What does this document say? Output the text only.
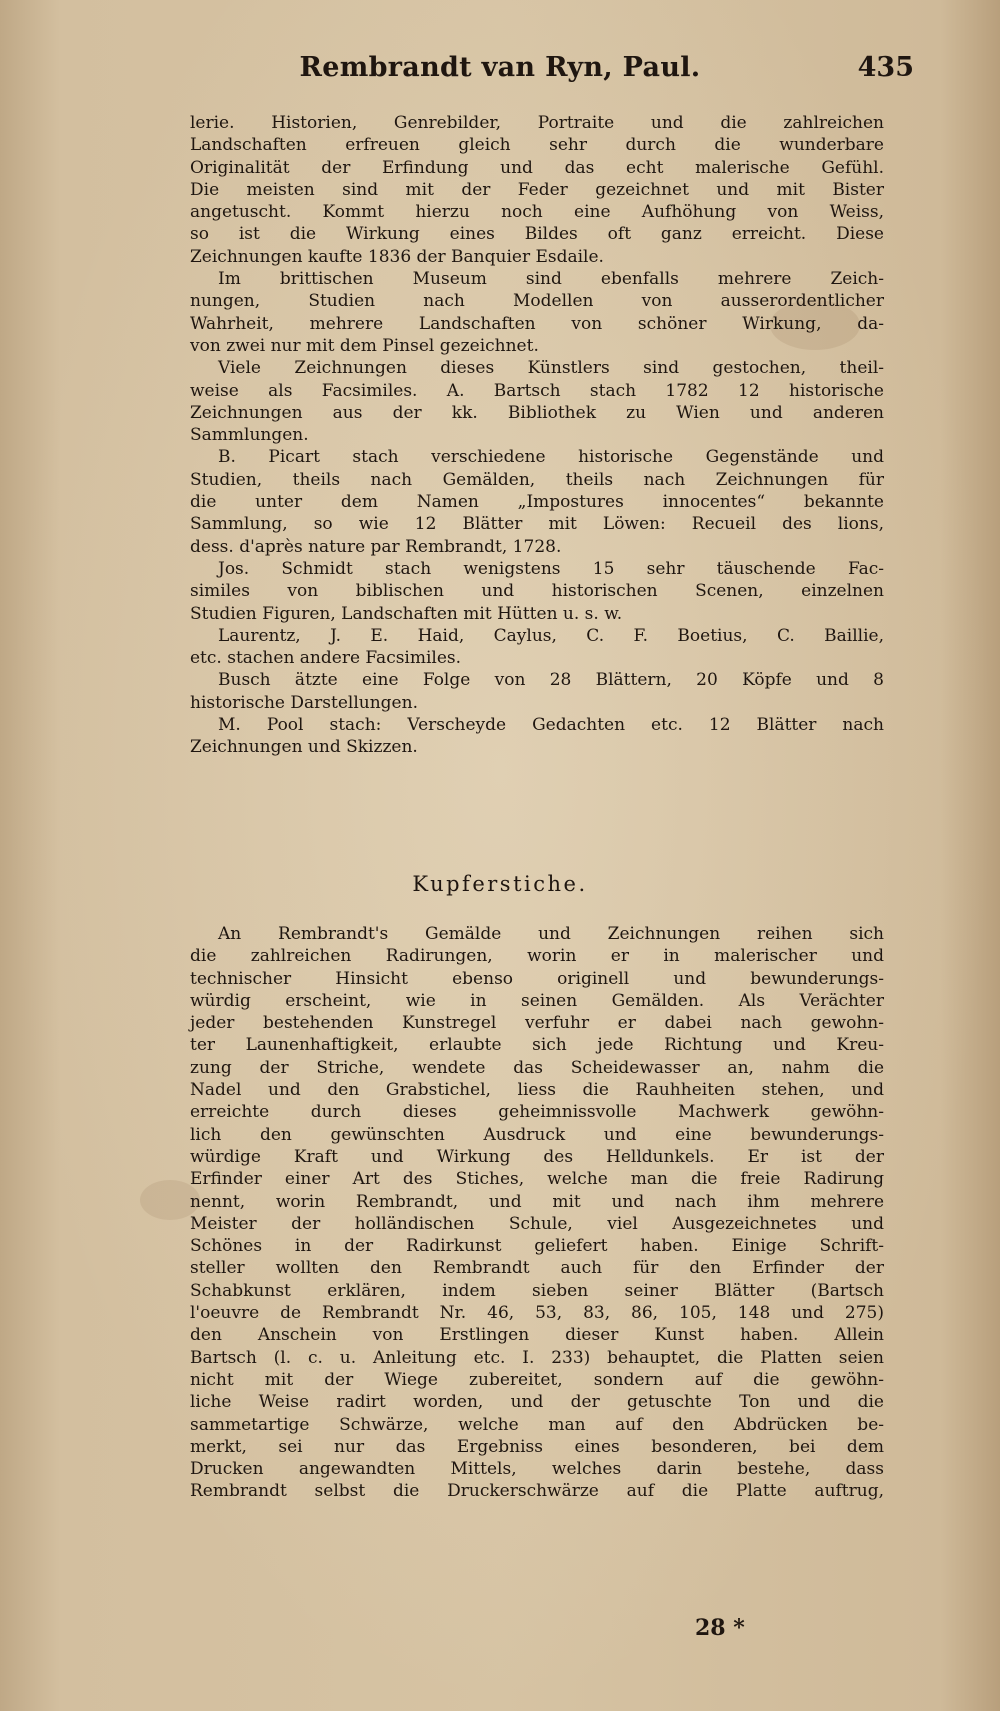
Rembrandt van Ryn, Paul.	435
lerie. Historien, Genrebilder, Portraite und die zahlreichen
Landschaften erfreuen gleich sehr durch die wunderbare
Originalität der Erfindung und das echt malerische Gefühl.
Die meisten sind mit der Feder gezeichnet und mit Bister
angetuscht. Kommt hierzu noch eine Aufhöhung von Weiss,
so ist die Wirkung eines Bildes oft ganz erreicht. Diese
Zeichnungen kaufte 1836 der Banquier Esdaile.
Im brittischen Museum sind ebenfalls mehrere Zeich-
nungen, Studien nach Modellen von ausserordentlicher
Wahrheit, mehrere Landschaften von schöner Wirkung, da-
von zwei nur mit dem Pinsel gezeichnet.
Viele Zeichnungen dieses Künstlers sind gestochen, theil-
weise als Facsimiles. A. Bartsch stach 1782 12 historische
Zeichnungen aus der kk. Bibliothek zu Wien und anderen
Sammlungen.
B. Picart stach verschiedene historische Gegenstände und
Studien, theils nach Gemälden, theils nach Zeichnungen für
die unter dem Namen „Impostures innocentes“ bekannte
Sammlung, so wie 12 Blätter mit Löwen: Recueil des lions,
dess. d'après nature par Rembrandt, 1728.
Jos. Schmidt stach wenigstens 15 sehr täuschende Fac-
similes von biblischen und historischen Scenen, einzelnen
Studien Figuren, Landschaften mit Hütten u. s. w.
Laurentz, J. E. Haid, Caylus, C. F. Boetius, C. Baillie,
etc. stachen andere Facsimiles.
Busch ätzte eine Folge von 28 Blättern, 20 Köpfe und 8
historische Darstellungen.
M. Pool stach: Verscheyde Gedachten etc. 12 Blätter nach
Zeichnungen und Skizzen.
Kupferstiche.
An Rembrandt's Gemälde und Zeichnungen reihen sich
die zahlreichen Radirungen, worin er in malerischer und
technischer Hinsicht ebenso originell und bewunderungs-
würdig erscheint, wie in seinen Gemälden. Als Verächter
jeder bestehenden Kunstregel verfuhr er dabei nach gewohn-
ter Launenhaftigkeit, erlaubte sich jede Richtung und Kreu-
zung der Striche, wendete das Scheidewasser an, nahm die
Nadel und den Grabstichel, liess die Rauhheiten stehen, und
erreichte durch dieses geheimnissvolle Machwerk gewöhn-
lich den gewünschten Ausdruck und eine bewunderungs-
würdige Kraft und Wirkung des Helldunkels. Er ist der
Erfinder einer Art des Stiches, welche man die freie Radirung
nennt, worin Rembrandt, und mit und nach ihm mehrere
Meister der holländischen Schule, viel Ausgezeichnetes und
Schönes in der Radirkunst geliefert haben. Einige Schrift-
steller wollten den Rembrandt auch für den Erfinder der
Schabkunst erklären, indem sieben seiner Blätter (Bartsch
l'oeuvre de Rembrandt Nr. 46, 53, 83, 86, 105, 148 und 275)
den Anschein von Erstlingen dieser Kunst haben. Allein
Bartsch (l. c. u. Anleitung etc. I. 233) behauptet, die Platten seien
nicht mit der Wiege zubereitet, sondern auf die gewöhn-
liche Weise radirt worden, und der getuschte Ton und die
sammetartige Schwärze, welche man auf den Abdrücken be-
merkt, sei nur das Ergebniss eines besonderen, bei dem
Drucken angewandten Mittels, welches darin bestehe, dass
Rembrandt selbst die Druckerschwärze auf die Platte auftrug,
28 *
